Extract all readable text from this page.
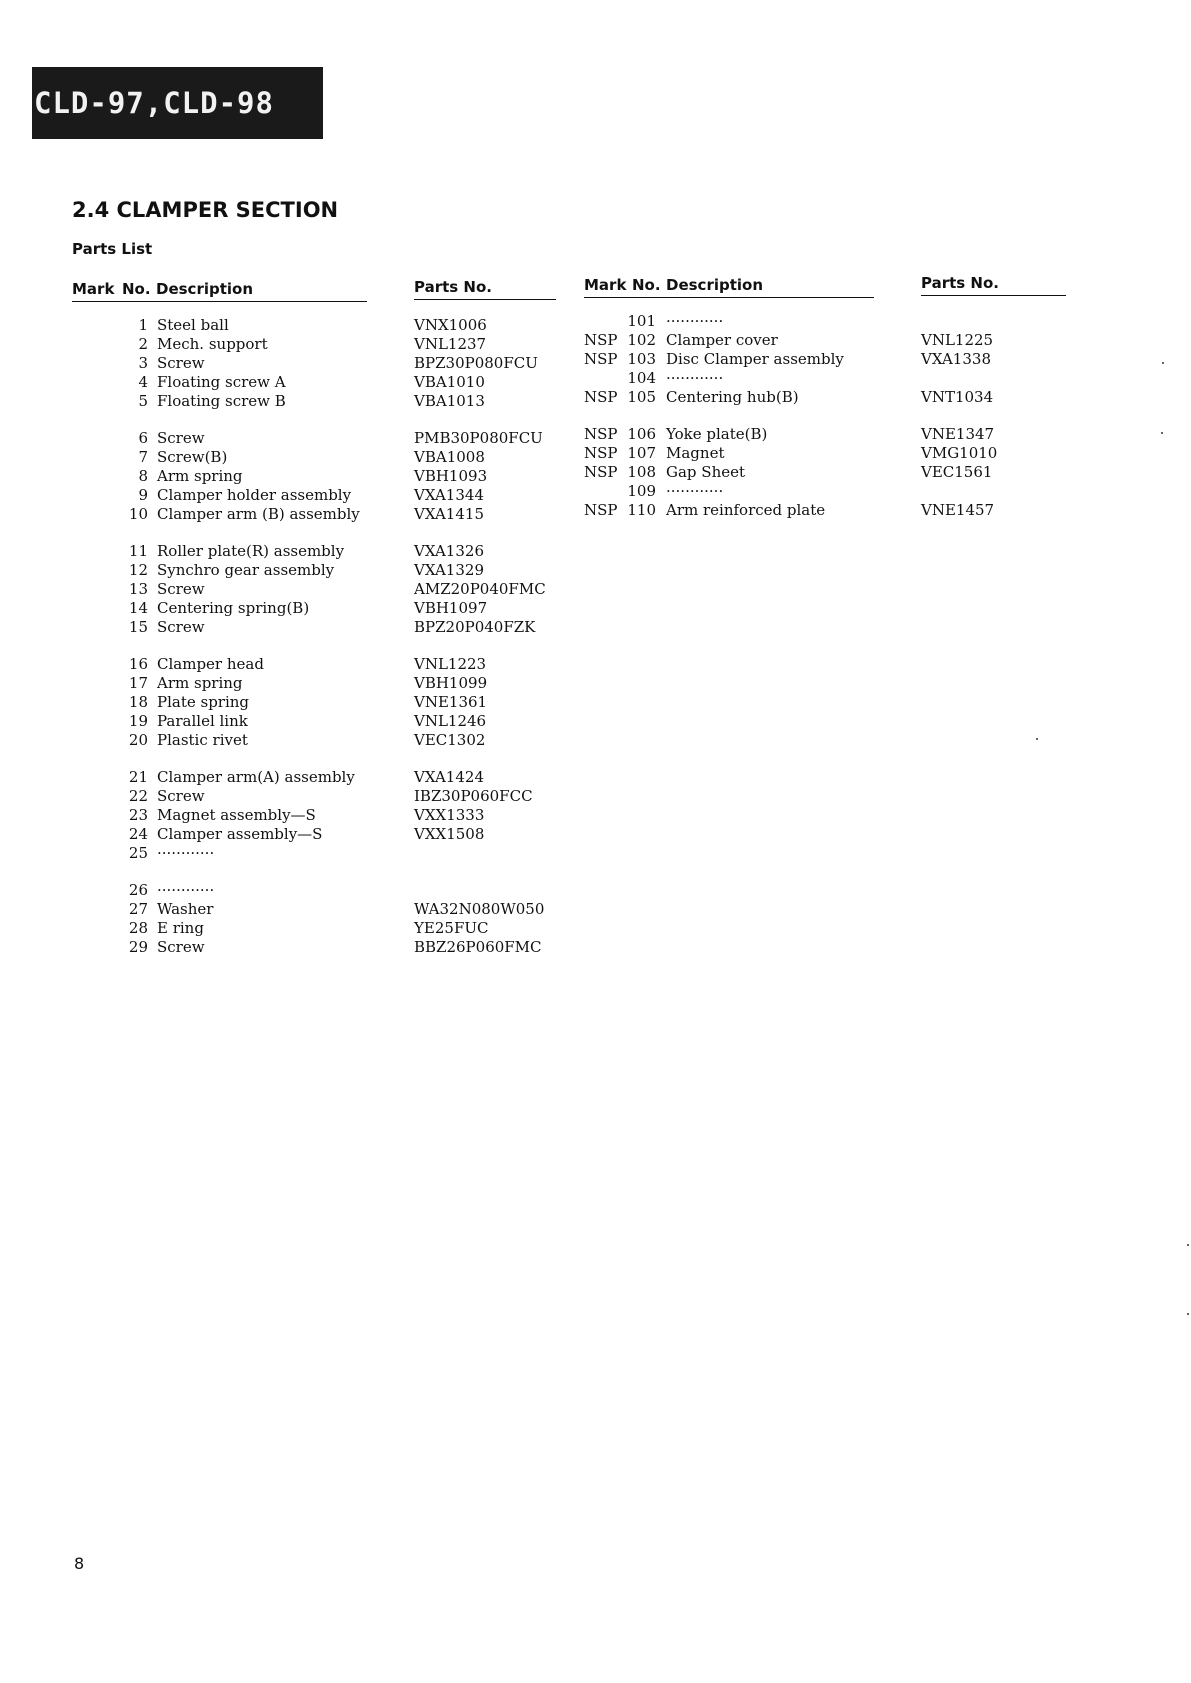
CLD-97,CLD-98
2.4 CLAMPER SECTION
Parts List
Mark No. Description	Parts No.	Mark No. Description	Parts No.
1 Steel ball	VNX1006
2 Mech. support	VNL1237
3 Screw	BPZ30P080FCU
4 Floating screw A	VBA1010
5 Floating screw B	VBA1013
6 Screw	PMB30P080FCU
7 Screw(B)	VBA1008
8 Arm spring	VBH1093
9 Clamper holder assembly	VXA1344
10 Clamper arm (B) assembly	VXA1415
11 Roller plate(R) assembly	VXA1326
12 Synchro gear assembly	VXA1329
13 Screw	AMZ20P040FMC
14 Centering spring(B)	VBH1097
15 Screw	BPZ20P040FZK
16 Clamper head	VNL1223
17 Arm spring	VBH1099
18 Plate spring	VNE1361
19 Parallel link	VNL1246
20 Plastic rivet	VEC1302
21 Clamper arm(A) assembly	VXA1424
22 Screw	IBZ30P060FCC
23 Magnet assembly—S	VXX1333
24 Clamper assembly—S	VXX1508
25 ············
26 ············
27 Washer	WA32N080W050
28 E ring	YE25FUC
29 Screw	BBZ26P060FMC
101 ············
NSP 102 Clamper cover	VNL1225
NSP 103 Disc Clamper assembly	VXA1338
104 ············
NSP 105 Centering hub(B)	VNT1034
NSP 106 Yoke plate(B)	VNE1347
NSP 107 Magnet	VMG1010
NSP 108 Gap Sheet	VEC1561
109 ············
NSP 110 Arm reinforced plate	VNE1457
8
